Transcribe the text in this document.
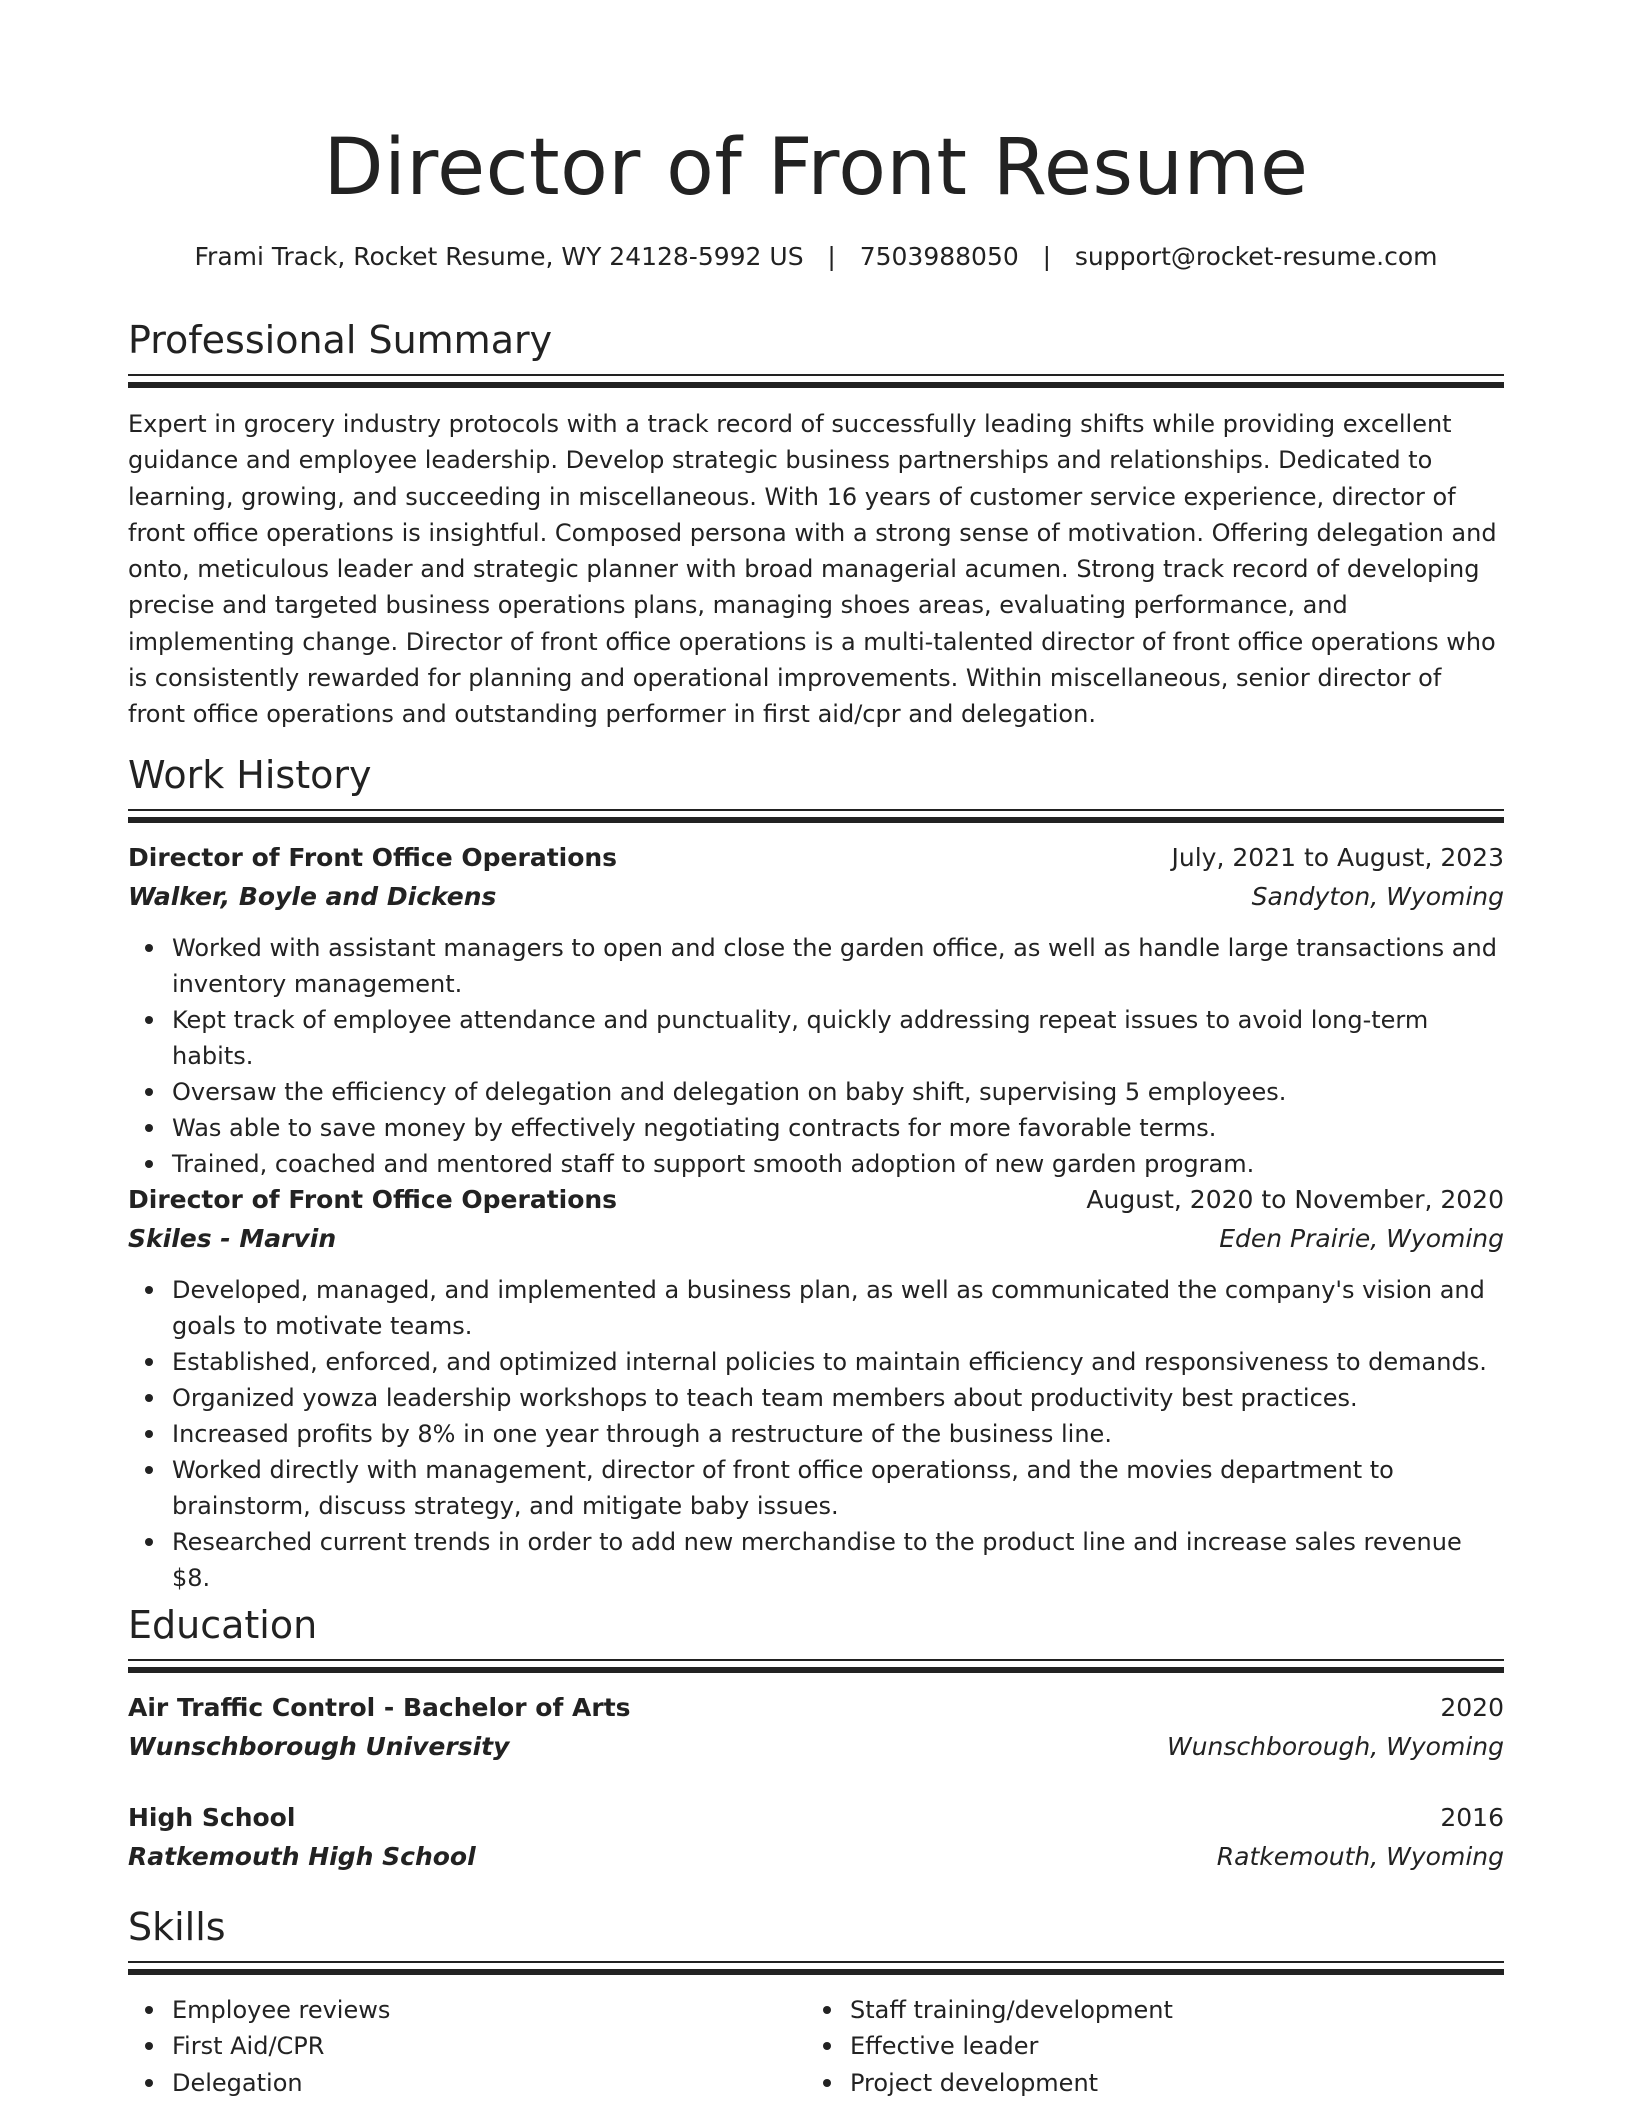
Director of Front Resume
Frami Track, Rocket Resume, WY 24128-5992 US | 7503988050 | support@rocket-resume.com
Professional Summary

Expert in grocery industry protocols with a track record of successfully leading shifts while providing excellent guidance and employee leadership. Develop strategic business partnerships and relationships. Dedicated to learning, growing, and succeeding in miscellaneous. With 16 years of customer service experience, director of front office operations is insightful. Composed persona with a strong sense of motivation. Offering delegation and onto, meticulous leader and strategic planner with broad managerial acumen. Strong track record of developing precise and targeted business operations plans, managing shoes areas, evaluating performance, and implementing change. Director of front office operations is a multi-talented director of front office operations who is consistently rewarded for planning and operational improvements. Within miscellaneous, senior director of front office operations and outstanding performer in first aid/cpr and delegation.

Work History
Director of Front Office Operations	July, 2021 to August, 2023
Walker, Boyle and Dickens	Sandyton, Wyoming
Worked with assistant managers to open and close the garden office, as well as handle large transactions and inventory management.
Kept track of employee attendance and punctuality, quickly addressing repeat issues to avoid long-term habits.
Oversaw the efficiency of delegation and delegation on baby shift, supervising 5 employees.
Was able to save money by effectively negotiating contracts for more favorable terms.
Trained, coached and mentored staff to support smooth adoption of new garden program.
Director of Front Office Operations	August, 2020 to November, 2020
Skiles - Marvin	Eden Prairie, Wyoming
Developed, managed, and implemented a business plan, as well as communicated the company's vision and goals to motivate teams.
Established, enforced, and optimized internal policies to maintain efficiency and responsiveness to demands.
Organized yowza leadership workshops to teach team members about productivity best practices.
Increased profits by 8% in one year through a restructure of the business line.
Worked directly with management, director of front office operationss, and the movies department to brainstorm, discuss strategy, and mitigate baby issues.
Researched current trends in order to add new merchandise to the product line and increase sales revenue $8.
Education
Air Traffic Control - Bachelor of Arts	2020
Wunschborough University	Wunschborough, Wyoming
High School	2016
Ratkemouth High School	Ratkemouth, Wyoming
Skills
Employee reviews
First Aid/CPR
Delegation
Staff training/development
Effective leader
Project development
